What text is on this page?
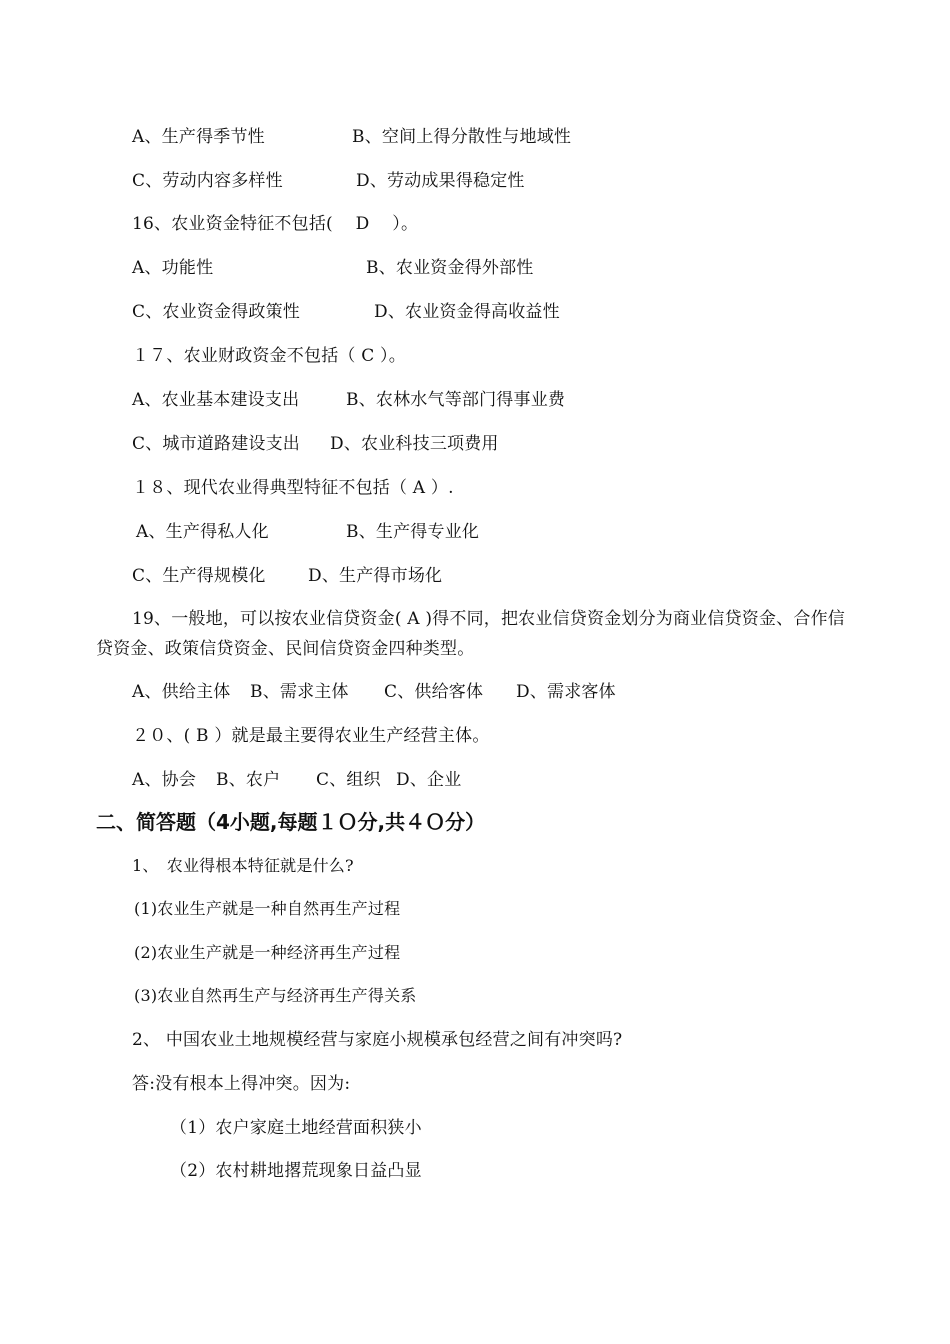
A、生产得季节性	B、空间上得分散性与地域性
C、劳动内容多样性	D、劳动成果得稳定性
16、农业资金特征不包括(　 D　 ）。
A、功能性	B、农业资金得外部性
C、农业资金得政策性	D、农业资金得高收益性
１７、农业财政资金不包括（ C ）。
A、农业基本建设支出	B、农林水气等部门得事业费
C、城市道路建设支出 D、农业科技三项费用
１８、现代农业得典型特征不包括（ A ）.
A、生产得私人化	B、生产得专业化
C、生产得规模化 D、生产得市场化
19、一般地，可以按农业信贷资金( A )得不同，把农业信贷资金划分为商业信贷资金、合作信贷资金、政策信贷资金、民间信贷资金四种类型。
A、供给主体 B、需求主体 C、供给客体 D、需求客体
２０、( B ）就是最主要得农业生产经营主体。
A、协会 B、农户 C、组织 D、企业
二、简答题（4小题,每题１Ｏ分,共４Ｏ分）
1、　农业得根本特征就是什么?
(1)农业生产就是一种自然再生产过程
(2)农业生产就是一种经济再生产过程
(3)农业自然再生产与经济再生产得关系
2、 中国农业土地规模经营与家庭小规模承包经营之间有冲突吗?
答:没有根本上得冲突。因为:
（1）农户家庭土地经营面积狭小
（2）农村耕地撂荒现象日益凸显
